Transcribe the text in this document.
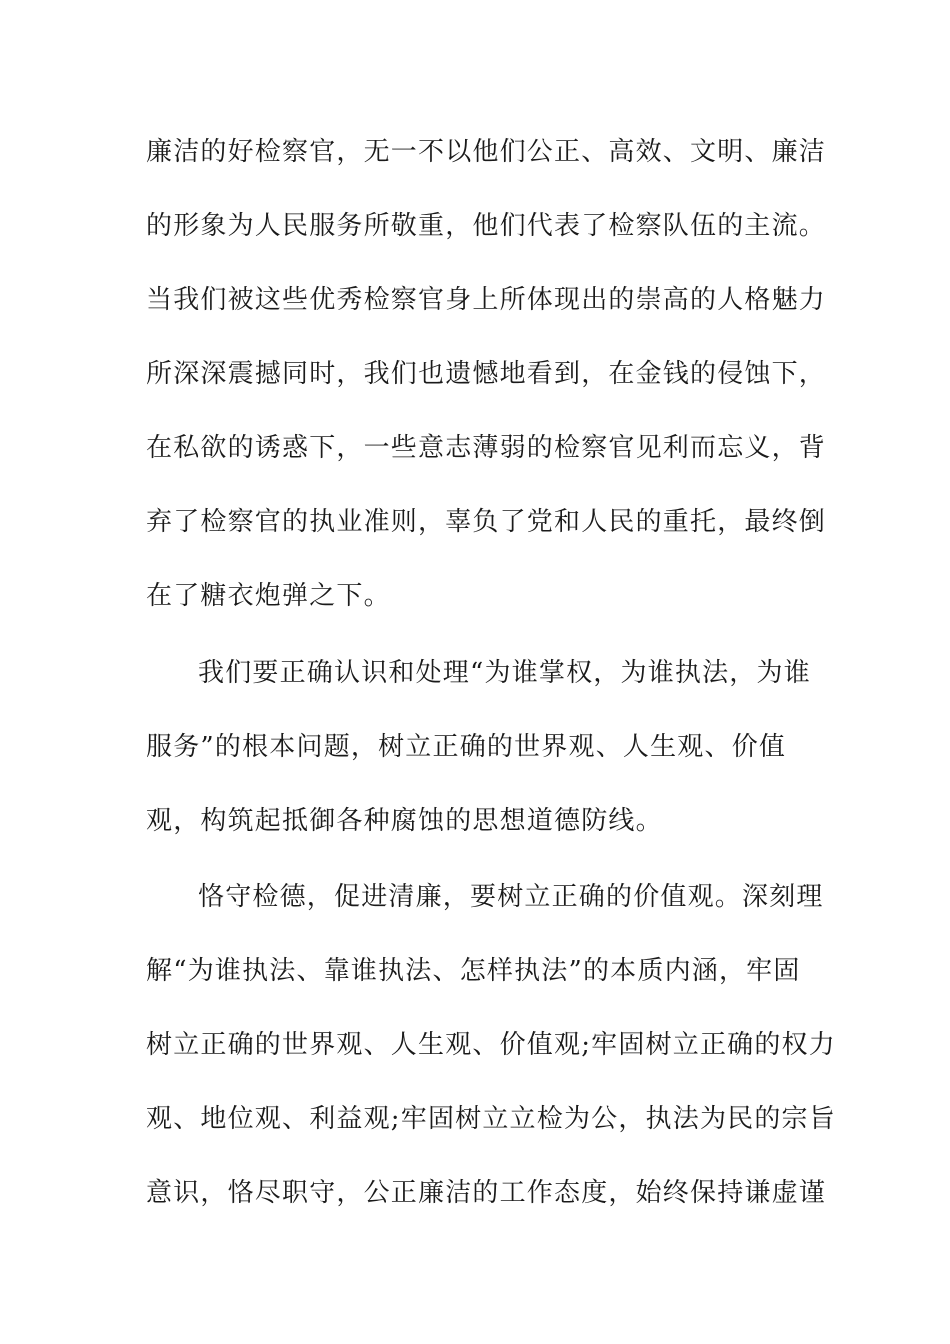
廉洁的好检察官，无一不以他们公正、高效、文明、廉洁
的形象为人民服务所敬重，他们代表了检察队伍的主流。
当我们被这些优秀检察官身上所体现出的崇高的人格魅力
所深深震撼同时，我们也遗憾地看到，在金钱的侵蚀下，
在私欲的诱惑下，一些意志薄弱的检察官见利而忘义，背
弃了检察官的执业准则，辜负了党和人民的重托，最终倒
在了糖衣炮弹之下。
我们要正确认识和处理“为谁掌权，为谁执法，为谁
服务”的根本问题，树立正确的世界观、人生观、价值
观，构筑起抵御各种腐蚀的思想道德防线。
恪守检德，促进清廉，要树立正确的价值观。深刻理
解“为谁执法、靠谁执法、怎样执法”的本质内涵，牢固
树立正确的世界观、人生观、价值观;牢固树立正确的权力
观、地位观、利益观;牢固树立立检为公，执法为民的宗旨
意识，恪尽职守，公正廉洁的工作态度，始终保持谦虚谨
